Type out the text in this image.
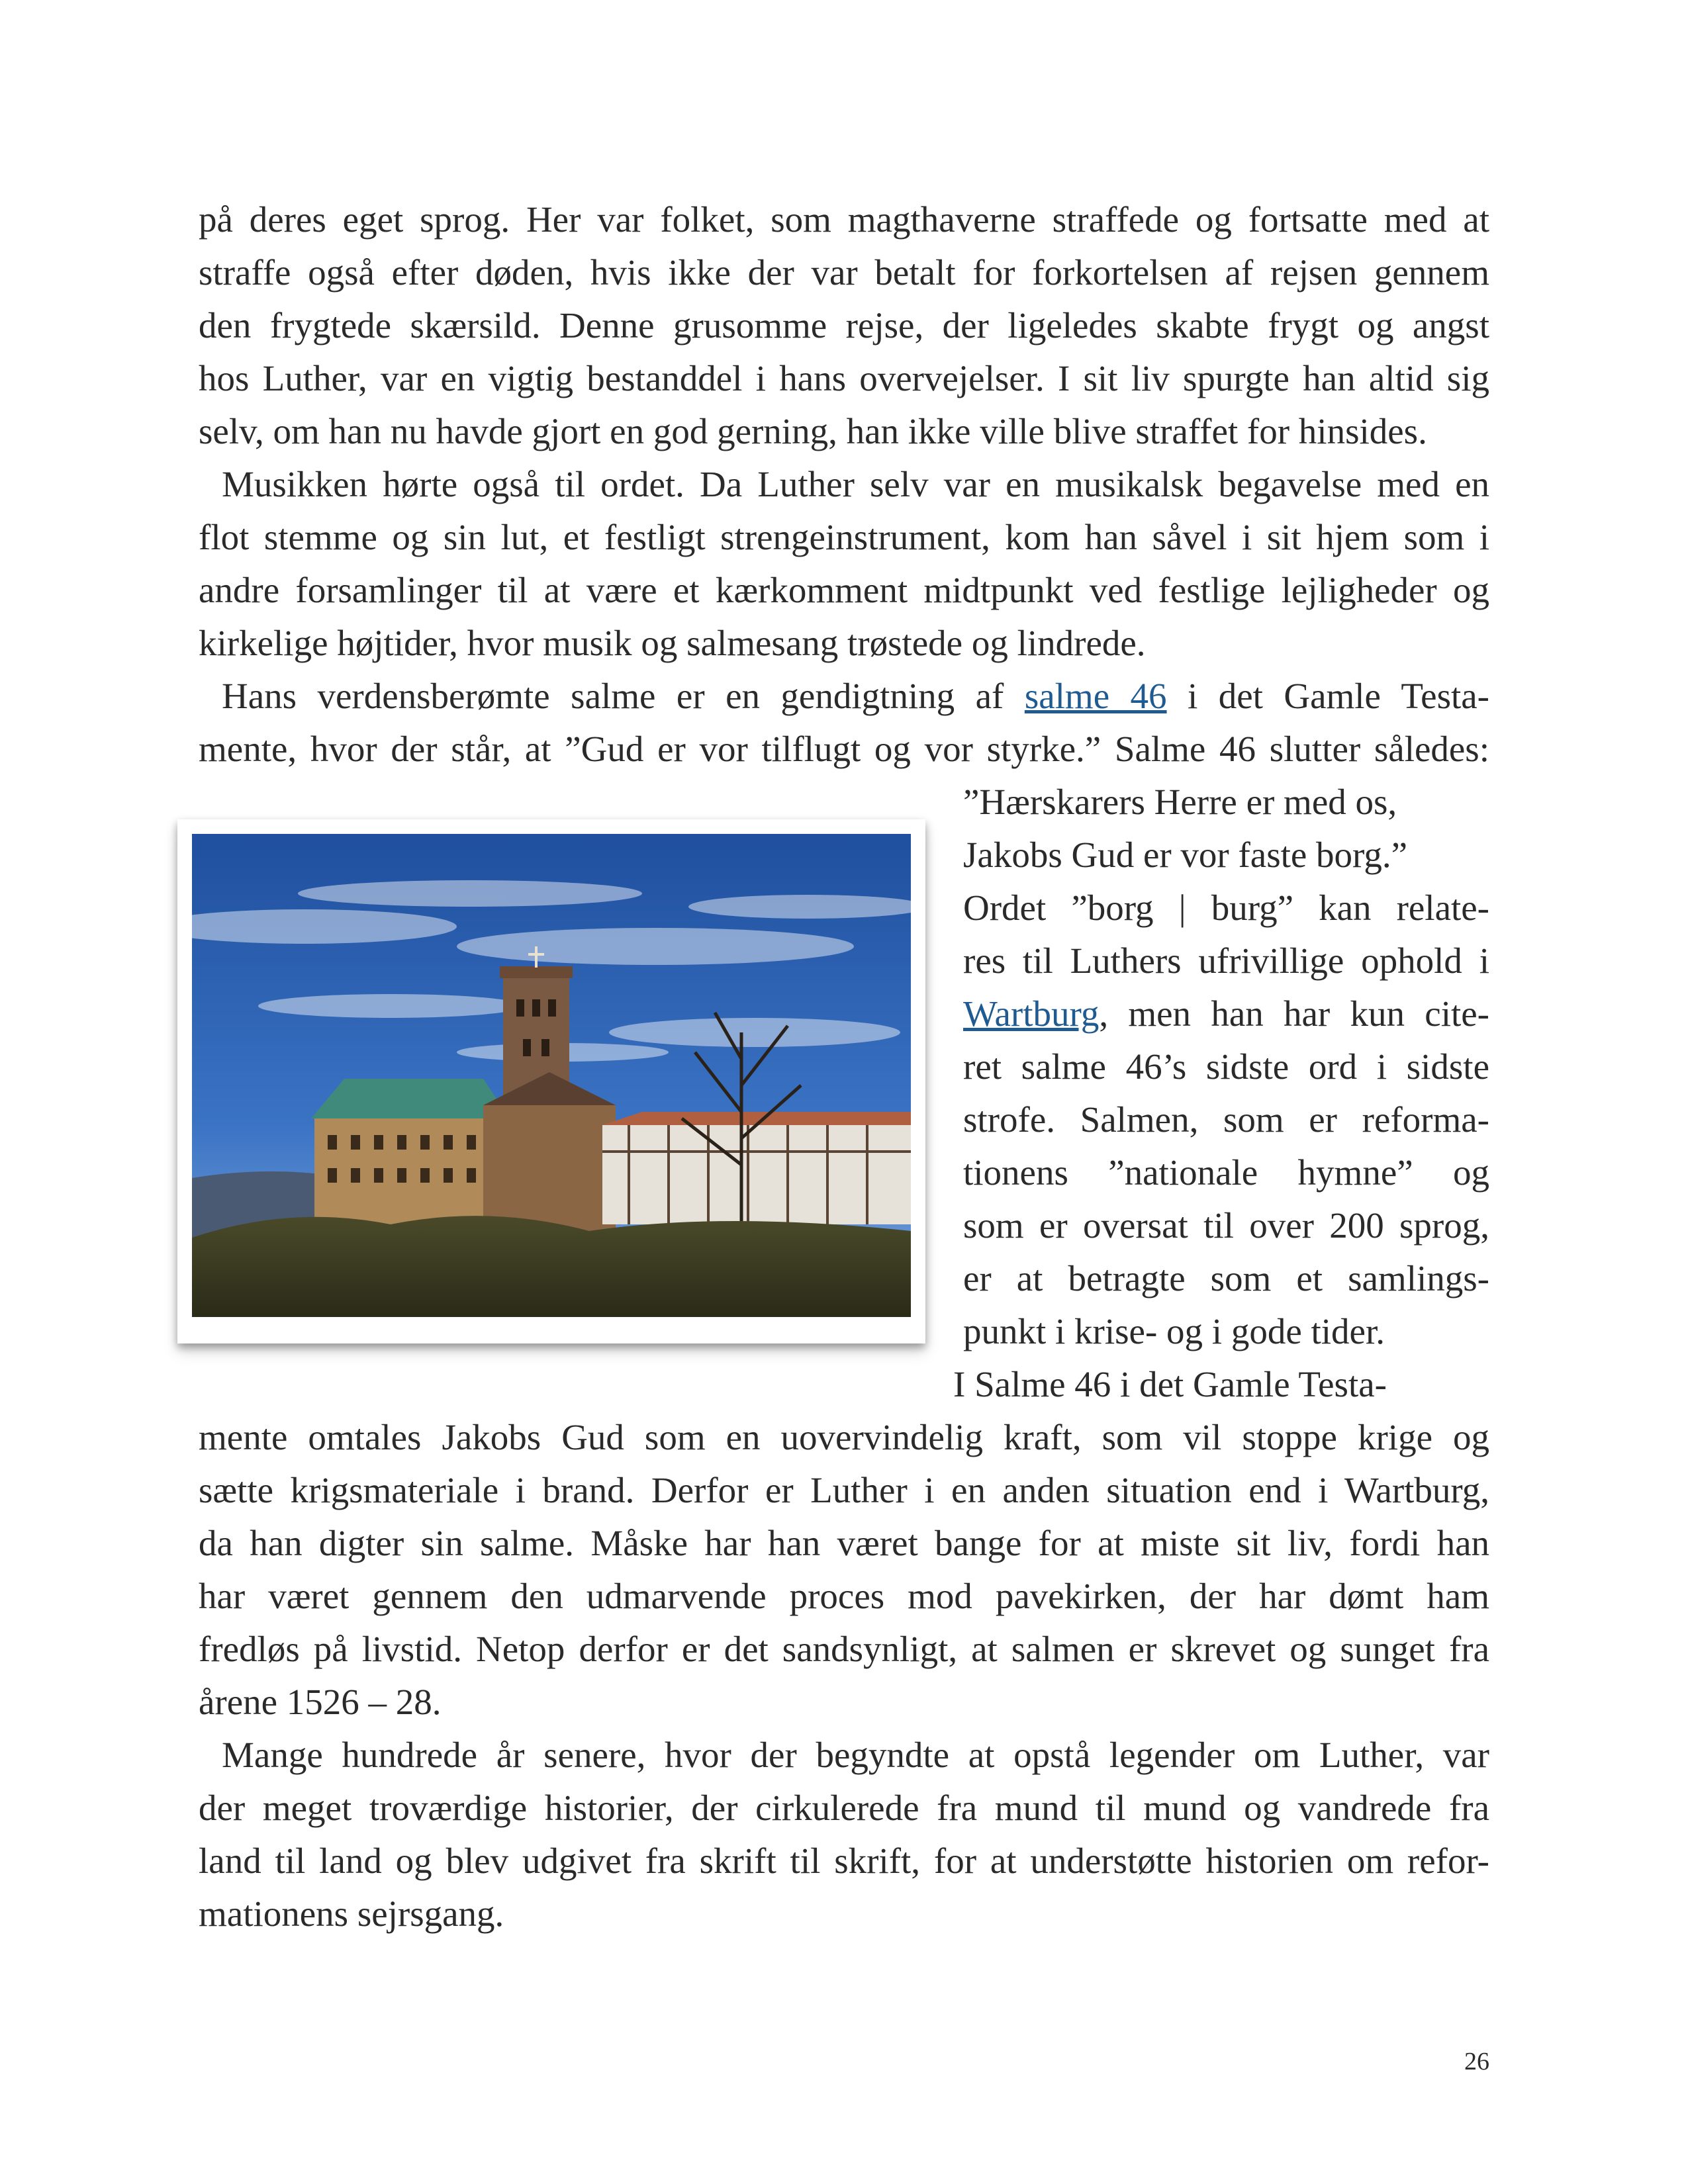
på deres eget sprog. Her var folket, som magthaverne straffede og fortsatte med at
straffe også efter døden, hvis ikke der var betalt for forkortelsen af rejsen gennem
den frygtede skærsild. Denne grusomme rejse, der ligeledes skabte frygt og angst
hos Luther, var en vigtig bestanddel i hans overvejelser. I sit liv spurgte han altid sig
selv, om han nu havde gjort en god gerning, han ikke ville blive straffet for hinsides.
Musikken hørte også til ordet. Da Luther selv var en musikalsk begavelse med en
flot stemme og sin lut, et festligt strengeinstrument, kom han såvel i sit hjem som i
andre forsamlinger til at være et kærkomment midtpunkt ved festlige lejligheder og
kirkelige højtider, hvor musik og salmesang trøstede og lindrede.
Hans verdensberømte salme er en gendigtning af salme 46 i det Gamle Testa-
mente, hvor der står, at ”Gud er vor tilflugt og vor styrke.” Salme 46 slutter således:
”Hærskarers Herre er med os,
Jakobs Gud er vor faste borg.”
Ordet ”borg | burg” kan relate-
res til Luthers ufrivillige ophold i
Wartburg, men han har kun cite-
ret salme 46’s sidste ord i sidste
strofe. Salmen, som er reforma-
tionens ”nationale hymne” og
som er oversat til over 200 sprog,
er at betragte som et samlings-
punkt i krise- og i gode tider.
I Salme 46 i det Gamle Testa-
mente omtales Jakobs Gud som en uovervindelig kraft, som vil stoppe krige og
sætte krigsmateriale i brand. Derfor er Luther i en anden situation end i Wartburg,
da han digter sin salme. Måske har han været bange for at miste sit liv, fordi han
har været gennem den udmarvende proces mod pavekirken, der har dømt ham
fredløs på livstid. Netop derfor er det sandsynligt, at salmen er skrevet og sunget fra
årene 1526 – 28.
Mange hundrede år senere, hvor der begyndte at opstå legender om Luther, var
der meget troværdige historier, der cirkulerede fra mund til mund og vandrede fra
land til land og blev udgivet fra skrift til skrift, for at understøtte historien om refor-
mationens sejrsgang.
26
